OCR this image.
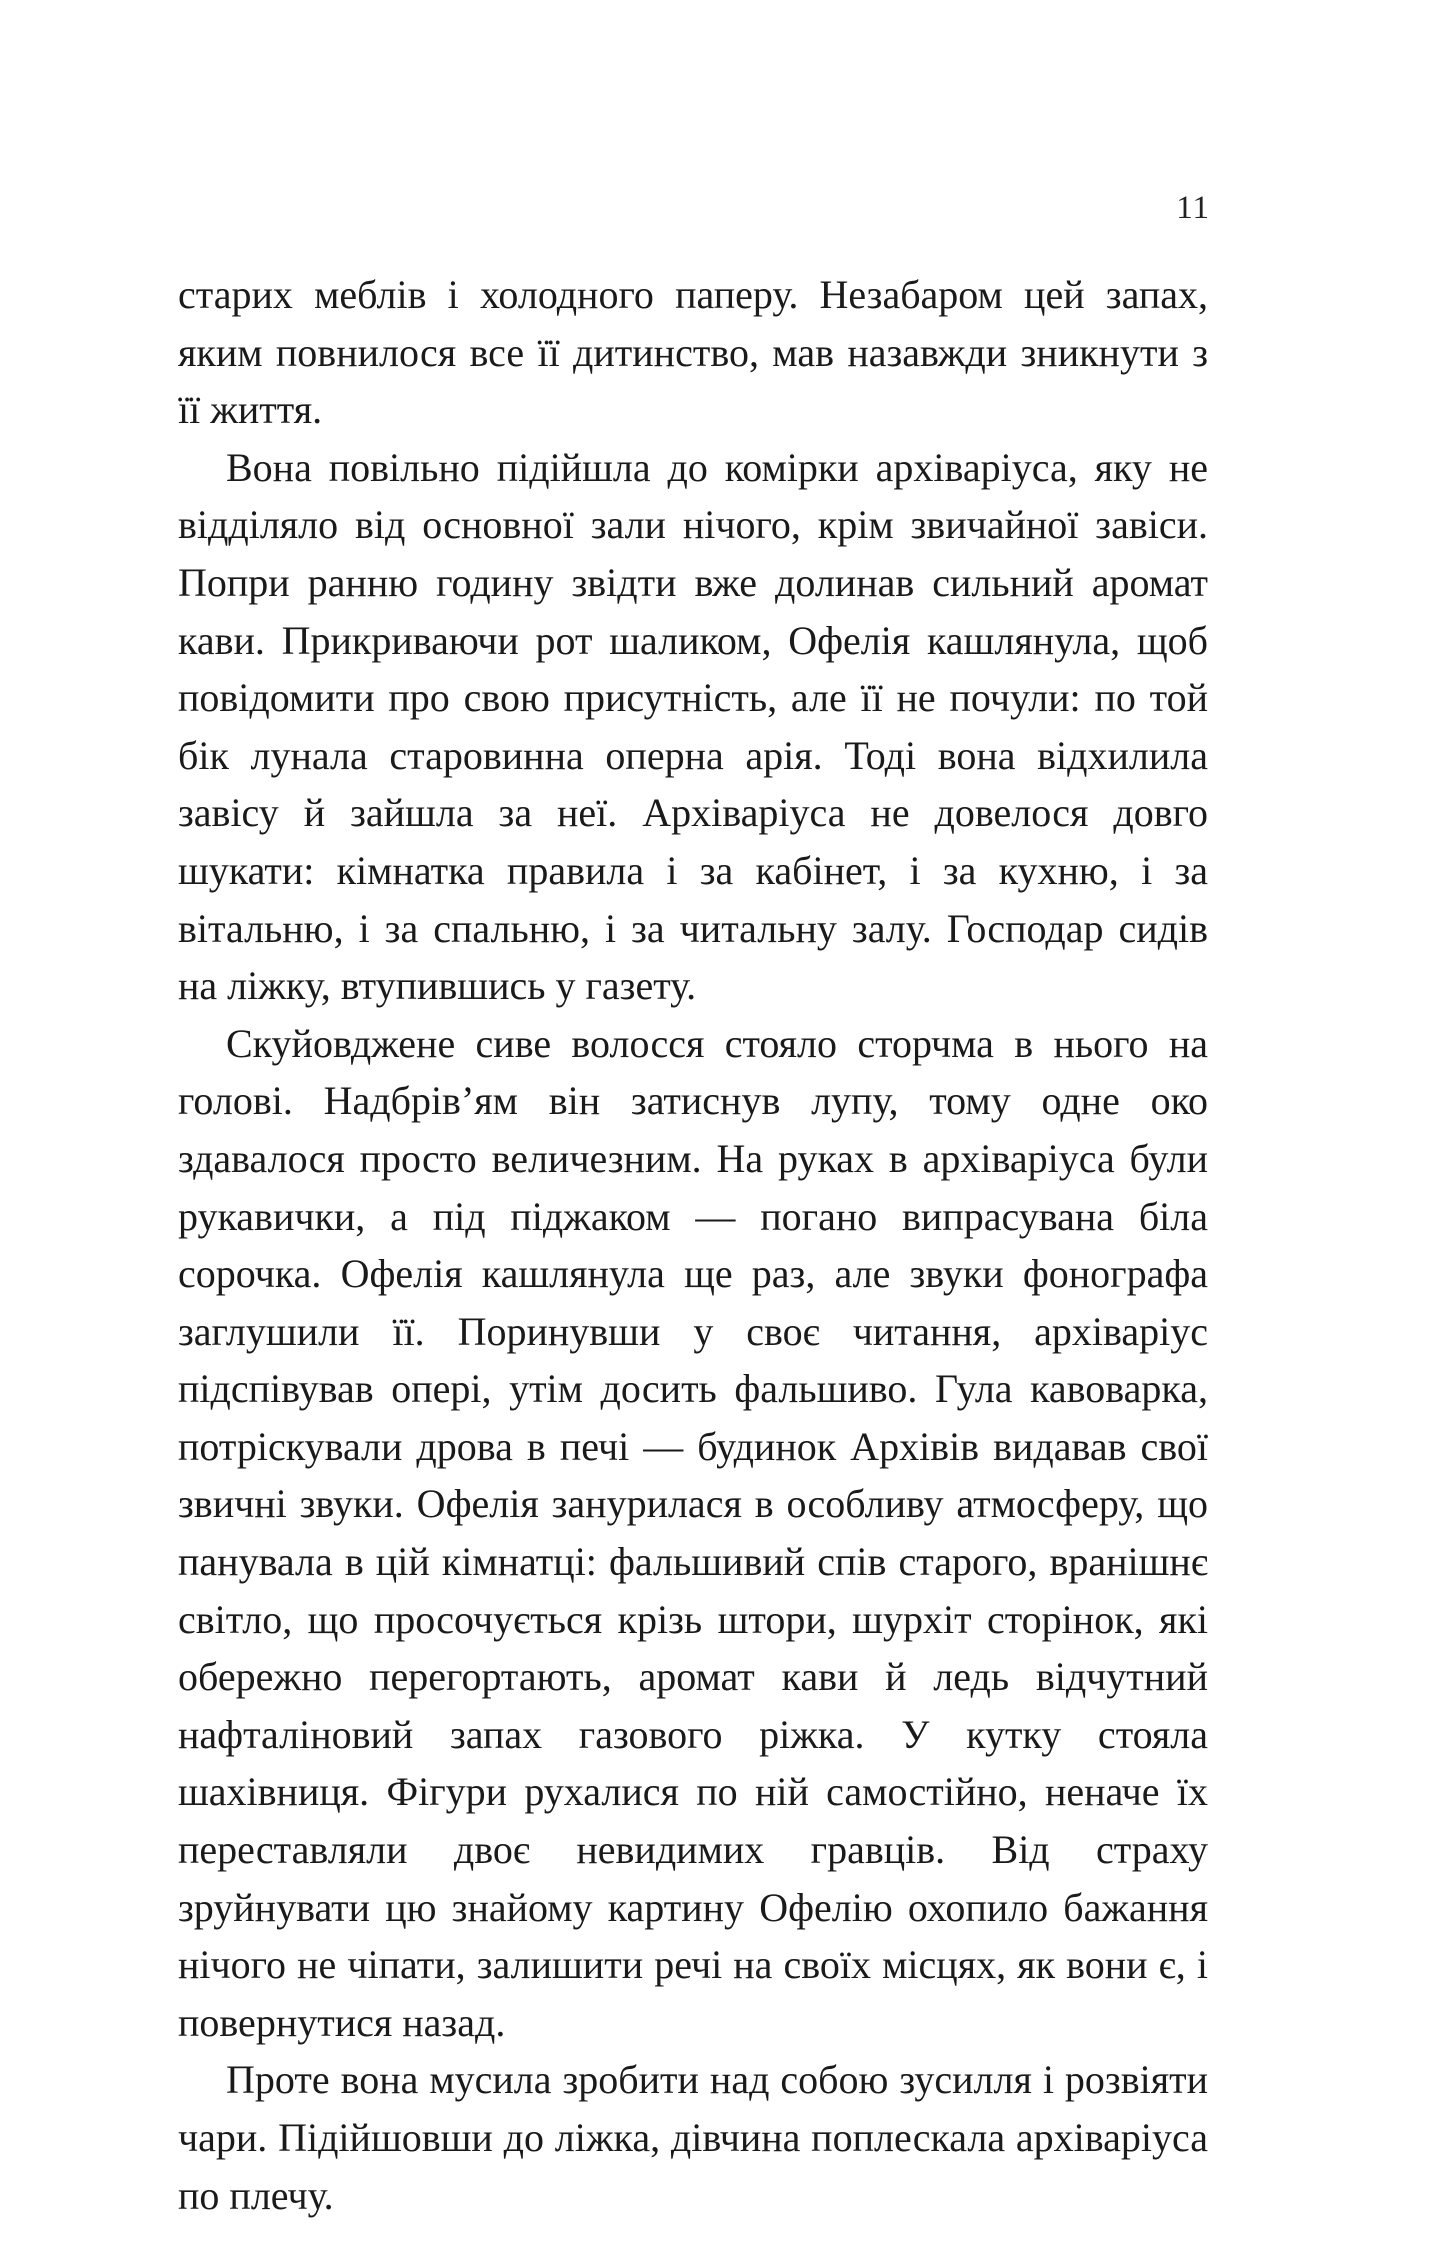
11

старих меблів і холодного паперу. Незабаром цей запах, яким повнилося все її дитинство, мав назавжди зникнути з її життя.

Вона повільно підійшла до комірки архіваріуса, яку не відділяло від основної зали нічого, крім звичайної завіси. Попри ранню годину звідти вже долинав сильний аромат кави. Прикриваючи рот шаликом, Офелія кашлянула, щоб повідомити про свою присутність, але її не почули: по той бік лунала старовинна оперна арія. Тоді вона відхилила завісу й зайшла за неї. Архіваріуса не довелося довго шукати: кімнатка правила і за кабінет, і за кухню, і за вітальню, і за спальню, і за читальну залу. Господар сидів на ліжку, втупившись у газету.

Скуйовджене сиве волосся стояло сторчма в нього на голові. Надбрів’ям він затиснув лупу, тому одне око здавалося просто величезним. На руках в архіваріуса були рукавички, а під піджаком — погано випрасувана біла сорочка. Офелія кашлянула ще раз, але звуки фонографа заглушили її. Поринувши у своє читання, архіваріус підспівував опері, утім досить фальшиво. Гула кавоварка, потріскували дрова в печі — будинок Архівів видавав свої звичні звуки. Офелія занурилася в особливу атмосферу, що панувала в цій кімнатці: фальшивий спів старого, вранішнє світло, що просочується крізь штори, шурхіт сторінок, які обережно перегортають, аромат кави й ледь відчутний нафталіновий запах газового ріжка. У кутку стояла шахівниця. Фігури рухалися по ній самостійно, неначе їх переставляли двоє невидимих гравців. Від страху зруйнувати цю знайому картину Офелію охопило бажання нічого не чіпати, залишити речі на своїх місцях, як вони є, і повернутися назад.

Проте вона мусила зробити над собою зусилля і розвіяти чари. Підійшовши до ліжка, дівчина поплескала архіваріуса по плечу.
